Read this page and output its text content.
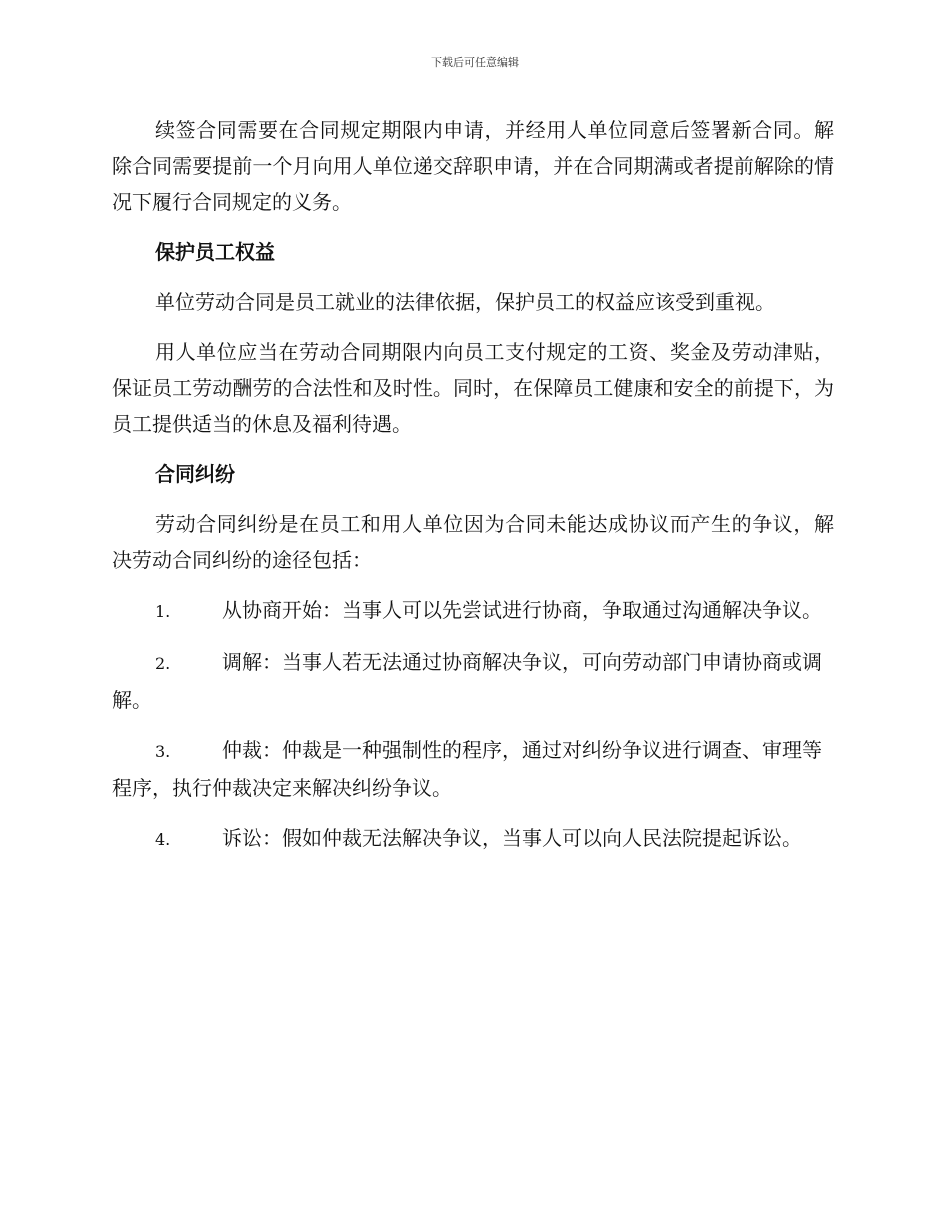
下载后可任意编辑

续签合同需要在合同规定期限内申请，并经用人单位同意后签署新合同。解除合同需要提前一个月向用人单位递交辞职申请，并在合同期满或者提前解除的情况下履行合同规定的义务。

保护员工权益

单位劳动合同是员工就业的法律依据，保护员工的权益应该受到重视。

用人单位应当在劳动合同期限内向员工支付规定的工资、奖金及劳动津贴，保证员工劳动酬劳的合法性和及时性。同时，在保障员工健康和安全的前提下，为员工提供适当的休息及福利待遇。

合同纠纷

劳动合同纠纷是在员工和用人单位因为合同未能达成协议而产生的争议，解决劳动合同纠纷的途径包括：

1.	从协商开始：当事人可以先尝试进行协商，争取通过沟通解决争议。

2.	调解：当事人若无法通过协商解决争议，可向劳动部门申请协商或调解。

3.	仲裁：仲裁是一种强制性的程序，通过对纠纷争议进行调查、审理等程序，执行仲裁决定来解决纠纷争议。

4.	诉讼：假如仲裁无法解决争议，当事人可以向人民法院提起诉讼。
